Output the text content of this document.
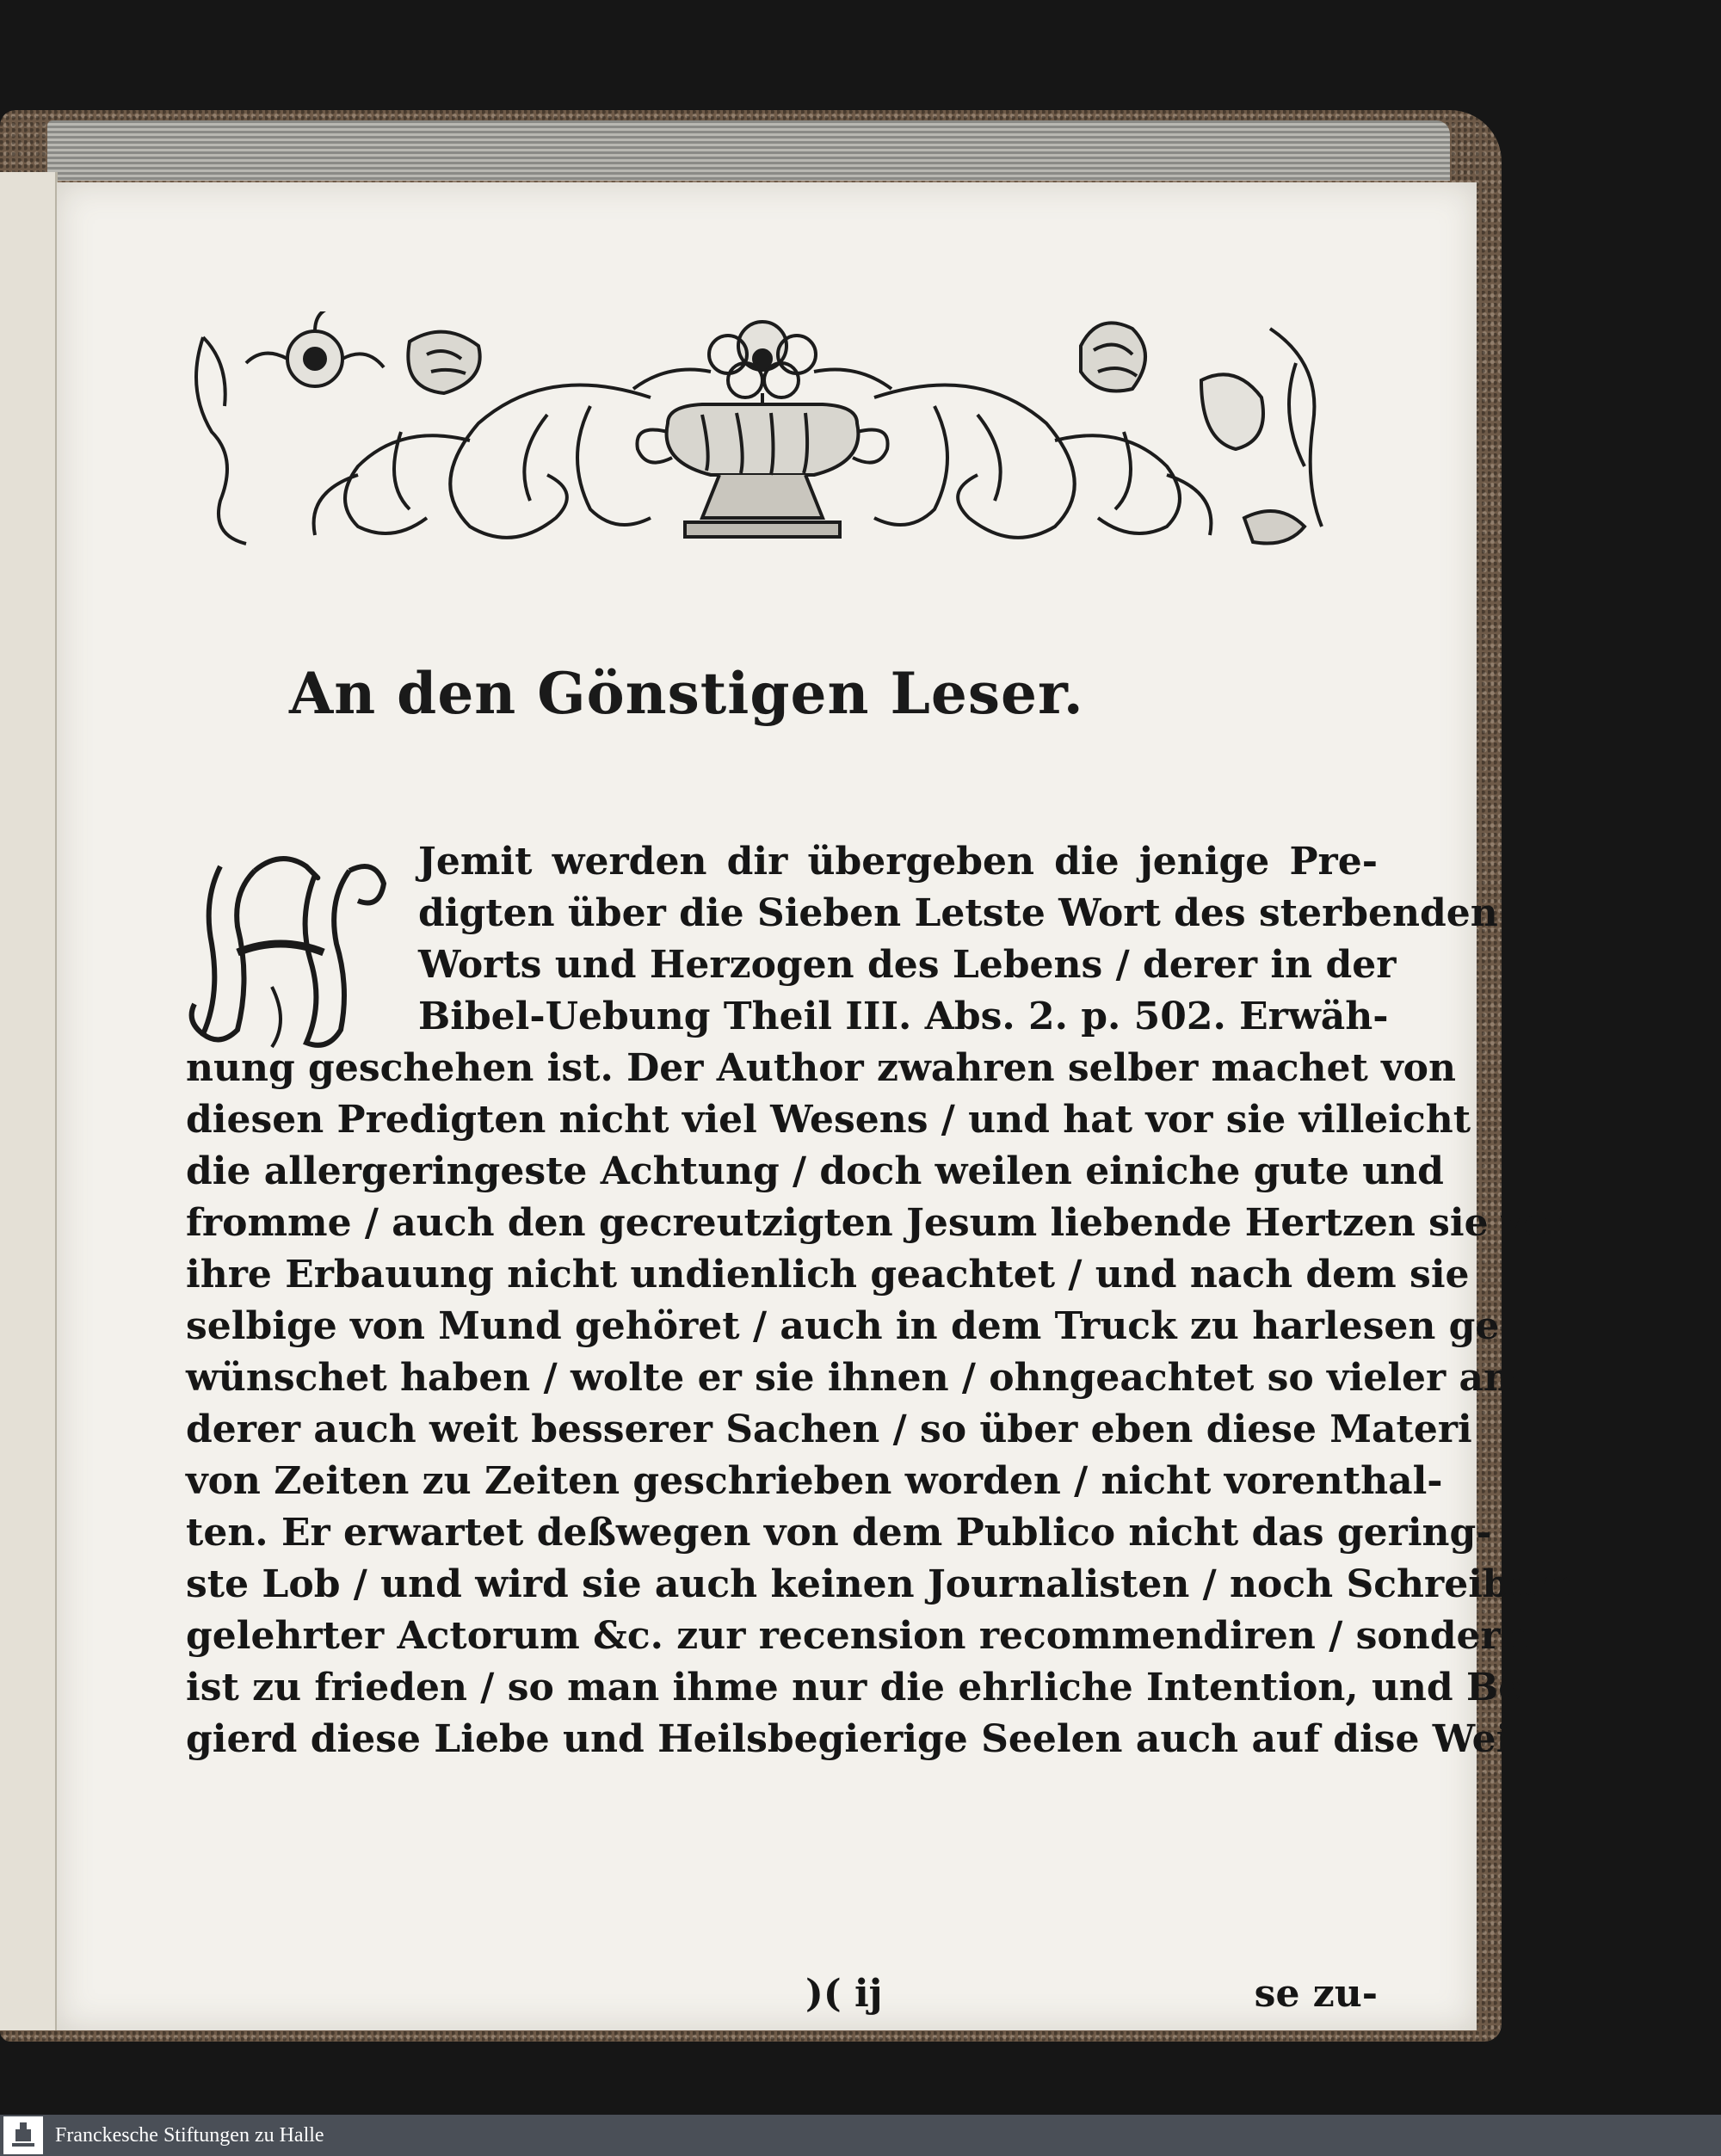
An den Gönstigen Leser.
Jemit werden dir übergeben die jenige Pre-
digten über die Sieben Letste Wort des sterbenden
Worts und Herzogen des Lebens / derer in der
Bibel-Uebung Theil III. Abs. 2. p. 502. Erwäh-
nung geschehen ist. Der Author zwahren selber machet von
diesen Predigten nicht viel Wesens / und hat vor sie villeicht
die allergeringeste Achtung / doch weilen einiche gute und
fromme / auch den gecreutzigten Jesum liebende Hertzen sie vor
ihre Erbauung nicht undienlich geachtet / und nach dem sie
selbige von Mund gehöret / auch in dem Truck zu harlesen ge-
wünschet haben / wolte er sie ihnen / ohngeachtet so vieler an-
derer auch weit besserer Sachen / so über eben diese Materi
von Zeiten zu Zeiten geschrieben worden / nicht vorenthal-
ten. Er erwartet deßwegen von dem Publico nicht das gering-
ste Lob / und wird sie auch keinen Journalisten / noch Schreibern
gelehrter Actorum &c. zur recension recommendiren / sondern
ist zu frieden / so man ihme nur die ehrliche Intention, und Be-
gierd diese Liebe und Heilsbegierige Seelen auch auf dise Wei-
)( ij	se zu-
Franckesche Stiftungen zu Halle
